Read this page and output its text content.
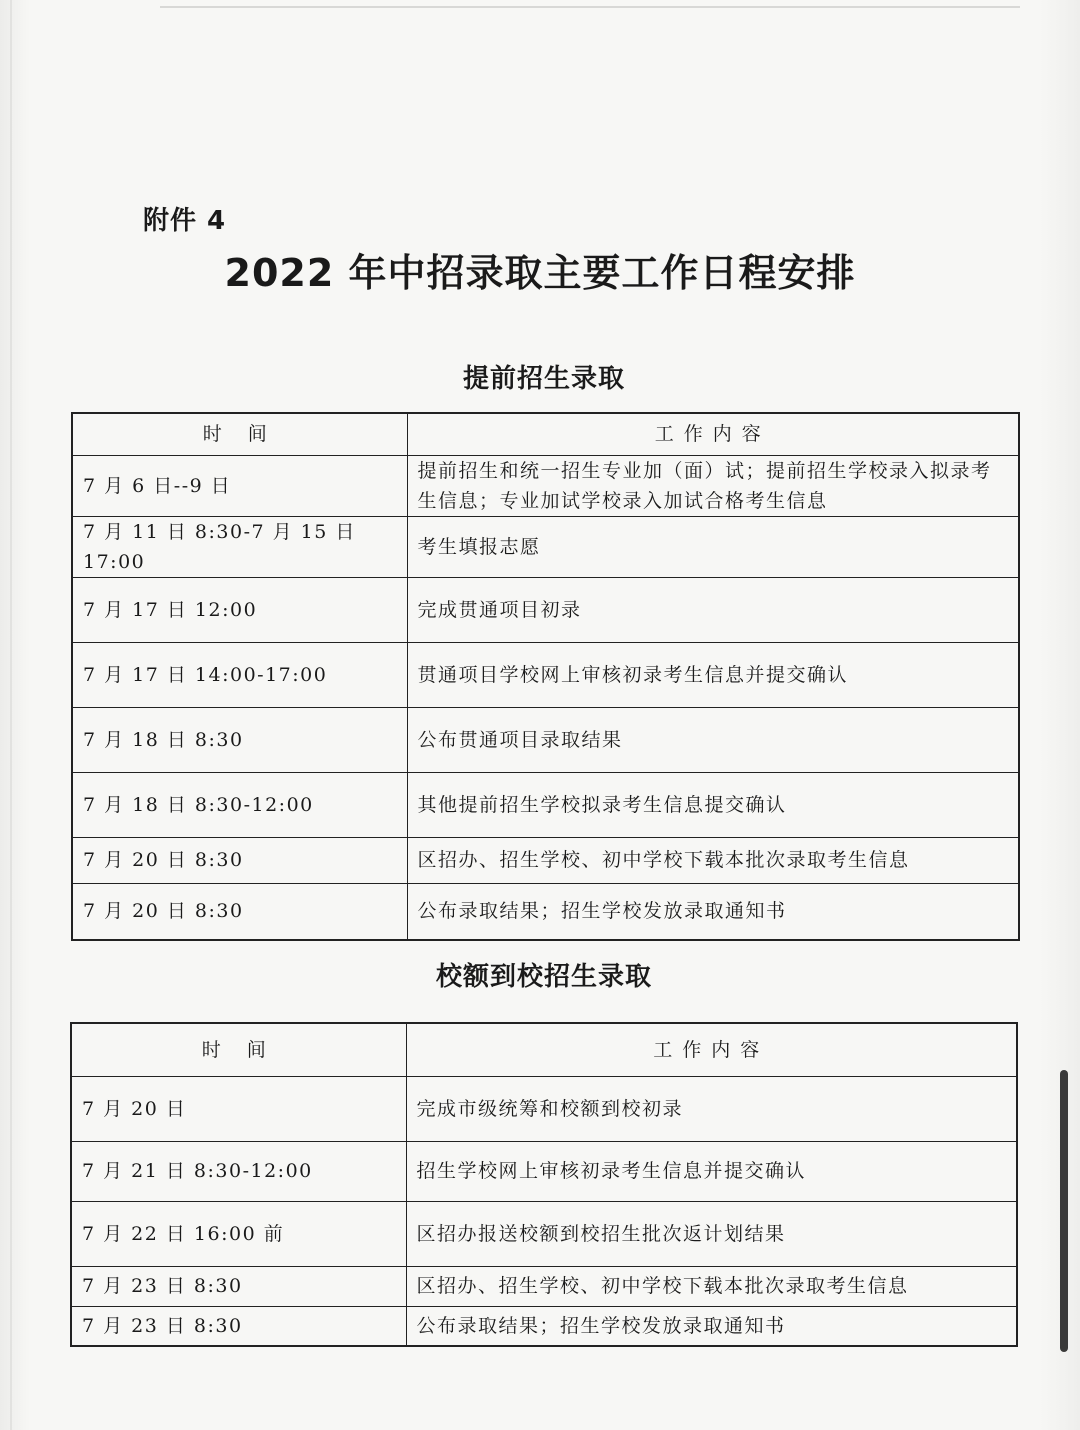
附件 4
2022 年中招录取主要工作日程安排
提前招生录取
时 间	工作内容
7 月 6 日--9 日	提前招生和统一招生专业加（面）试；提前招生学校录入拟录考生信息；专业加试学校录入加试合格考生信息
7 月 11 日 8:30-7 月 15 日 17:00	考生填报志愿
7 月 17 日 12:00	完成贯通项目初录
7 月 17 日 14:00-17:00	贯通项目学校网上审核初录考生信息并提交确认
7 月 18 日 8:30	公布贯通项目录取结果
7 月 18 日 8:30-12:00	其他提前招生学校拟录考生信息提交确认
7 月 20 日 8:30	区招办、招生学校、初中学校下载本批次录取考生信息
7 月 20 日 8:30	公布录取结果；招生学校发放录取通知书
校额到校招生录取
时 间	工作内容
7 月 20 日	完成市级统筹和校额到校初录
7 月 21 日 8:30-12:00	招生学校网上审核初录考生信息并提交确认
7 月 22 日 16:00 前	区招办报送校额到校招生批次返计划结果
7 月 23 日 8:30	区招办、招生学校、初中学校下载本批次录取考生信息
7 月 23 日 8:30	公布录取结果；招生学校发放录取通知书
